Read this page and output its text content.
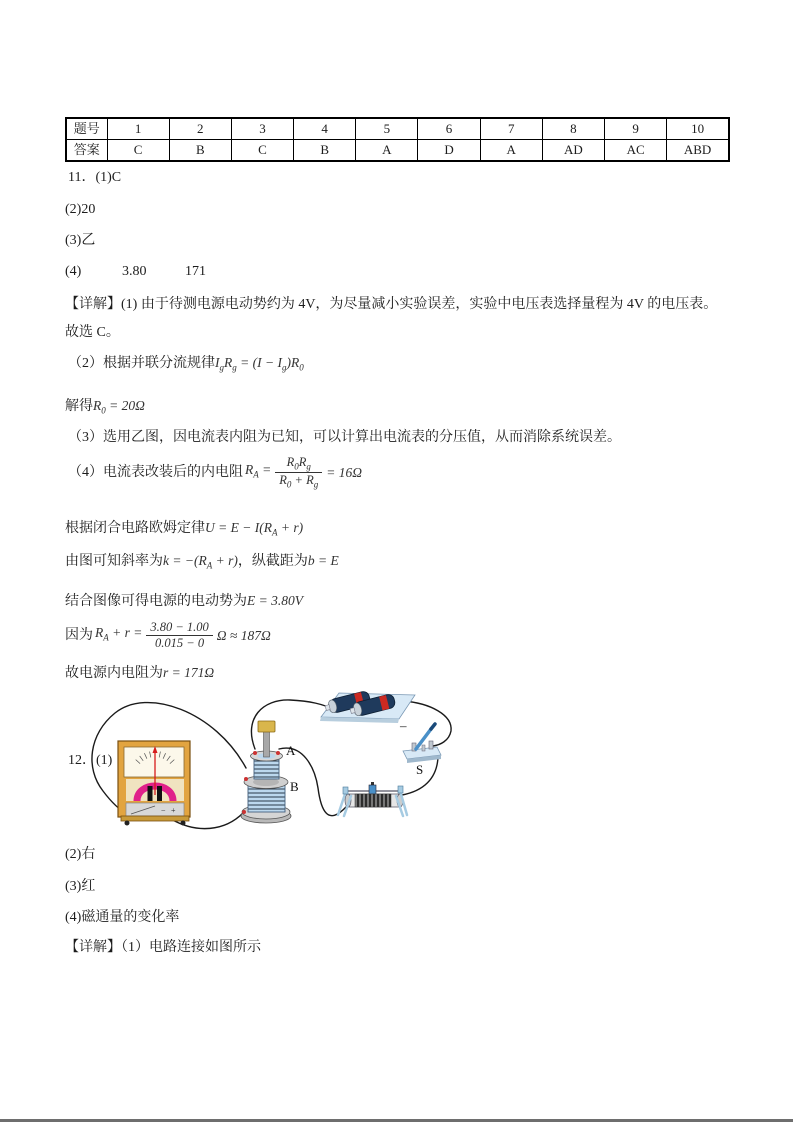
题号	1	2	3	4	5	6	7	8	9	10
答案	C	B	C	B	A	D	A	AD	AC	ABD
11．(1)C
(2)20
(3)乙
(4)	3.80	171
【详解】(1) 由于待测电源电动势约为 4V，为尽量减小实验误差，实验中电压表选择量程为 4V 的电压表。
故选 C。
（2）根据并联分流规律$I_gR_g = (I - I_g)R_0$
解得$R_0 = 20\Omega$
（3）选用乙图，因电流表内阻为已知，可以计算出电流表的分压值，从而消除系统误差。
（4）电流表改装后的内电阻 $R_A = \frac{R_0R_g}{R_0 + R_g} = 16\Omega$
根据闭合电路欧姆定律$U = E - I(R_A + r)$
由图可知斜率为$k = -(R_A + r)$，纵截距为b = E
结合图像可得电源的电动势为E = 3.80V
因为 $R_A + r = \frac{3.80 - 1.00}{0.015 - 0}$ Ω ≈ 187Ω
故电源内电阻为r = 171Ω
12．(1)
− +
A
B
–
S
(2)右
(3)红
(4)磁通量的变化率
【详解】（1）电路连接如图所示
